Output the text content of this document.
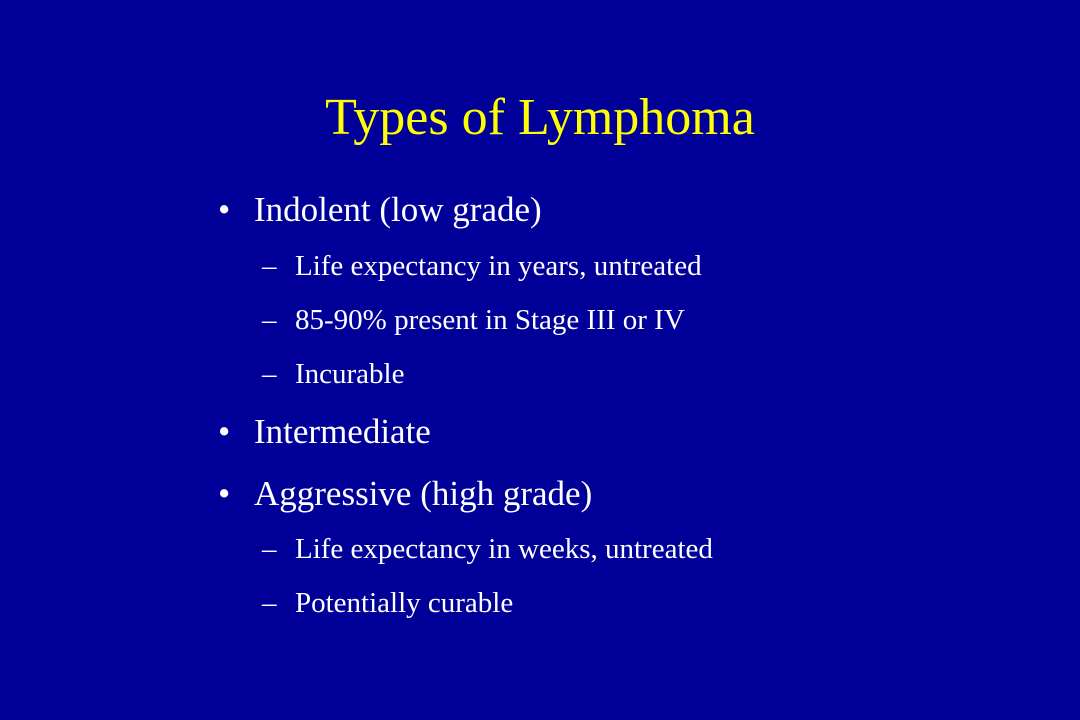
Types of Lymphoma
• Indolent (low grade)
– Life expectancy in years, untreated
– 85-90% present in Stage III or IV
– Incurable
• Intermediate
• Aggressive (high grade)
– Life expectancy in weeks, untreated
– Potentially curable
